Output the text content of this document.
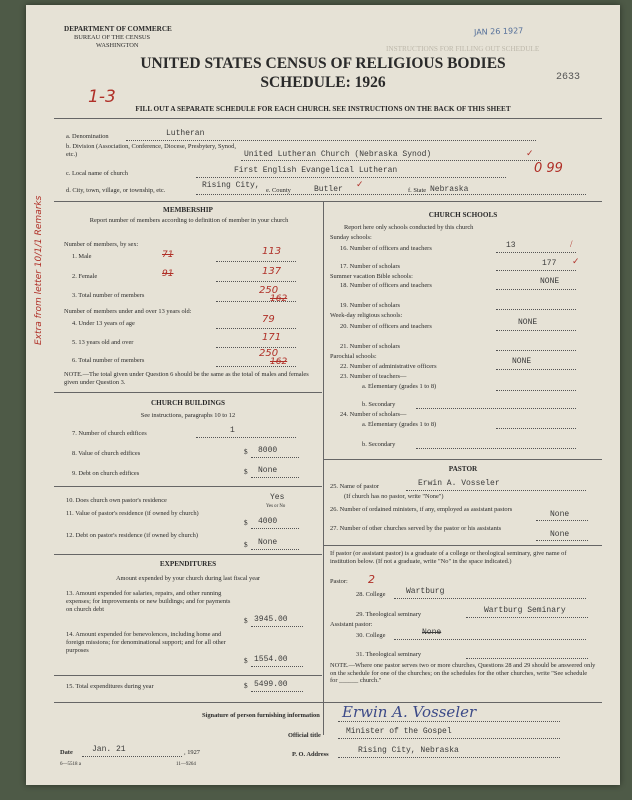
DEPARTMENT OF COMMERCE
BUREAU OF THE CENSUS
WASHINGTON
JAN 26 1927
INSTRUCTIONS FOR FILLING OUT SCHEDULE
UNITED STATES CENSUS OF RELIGIOUS BODIES
SCHEDULE: 1926	2633
1-3
FILL OUT A SEPARATE SCHEDULE FOR EACH CHURCH. SEE INSTRUCTIONS ON THE BACK OF THIS SHEET
Extra from letter 10/1/1 Remarks
a. Denomination	Lutheran
b. Division (Association, Conference, Diocese, Presbytery, Synod, etc.)	United Lutheran Church (Nebraska Synod)	✓
c. Local name of church	First English Evangelical Lutheran	0 99
d. City, town, village, or township, etc.
Rising City,
e. County	Butler
✓
f. State Nebraska
MEMBERSHIP
Report number of members according to definition of member in your church
Number of members, by sex:
1. Male	71	113
2. Female	91	137
3. Total number of members	162
250
Number of members under and over 13 years old:
4. Under 13 years of age	79
5. 13 years old and over	171
6. Total number of members	162
250
NOTE.—The total given under Question 6 should be the same as the total of males and females given under Question 3.
CHURCH BUILDINGS
See instructions, paragraphs 10 to 12
7. Number of church edifices	1
8. Value of church edifices	$ 8000
9. Debt on church edifices	$ None
10. Does church own pastor's residence	Yes
Yes or No
11. Value of pastor's residence (if owned by church)
$ 4000
12. Debt on pastor's residence (if owned by church)
$ None
EXPENDITURES
Amount expended by your church during last fiscal year
13. Amount expended for salaries, repairs, and other running expenses; for improvements or new buildings; and for payments on church debt
$ 3945.00
14. Amount expended for benevolences, including home and foreign missions; for denominational support; and for all other purposes
$ 1554.00
15. Total expenditures during year	$ 5499.00
CHURCH SCHOOLS
Report here only schools conducted by this church
Sunday schools:
16. Number of officers and teachers	13	/
17. Number of scholars	177 ✓
Summer vacation Bible schools:
18. Number of officers and teachers	NONE
19. Number of scholars
Week-day religious schools:
20. Number of officers and teachers	NONE
21. Number of scholars
Parochial schools:
22. Number of administrative officers
NONE
23. Number of teachers—
a. Elementary (grades 1 to 8)
b. Secondary
24. Number of scholars—
a. Elementary (grades 1 to 8)
b. Secondary
PASTOR
25. Name of pastor	Erwin A. Vosseler
(If church has no pastor, write "None")
26. Number of ordained ministers, if any, employed as assistant pastors
None
27. Number of other churches served by the pastor or his assistants
None
If pastor (or assistant pastor) is a graduate of a college or theological seminary, give name of institution below. (If not a graduate, write "No" in the space indicated.)
Pastor: 2
28. College	Wartburg
29. Theological seminary	Wartburg Seminary
Assistant pastor:
30. College	None
31. Theological seminary
NOTE.—Where one pastor serves two or more churches, Questions 28 and 29 should be answered only on the schedule for one of the churches; on the schedules for the other churches, write "See schedule for ______ church."
Signature of person furnishing information Erwin A. Vosseler
Official title	Minister of the Gospel
Date Jan. 21	, 1927	P. O. Address	Rising City, Nebraska
6—5518 a	11—9264
